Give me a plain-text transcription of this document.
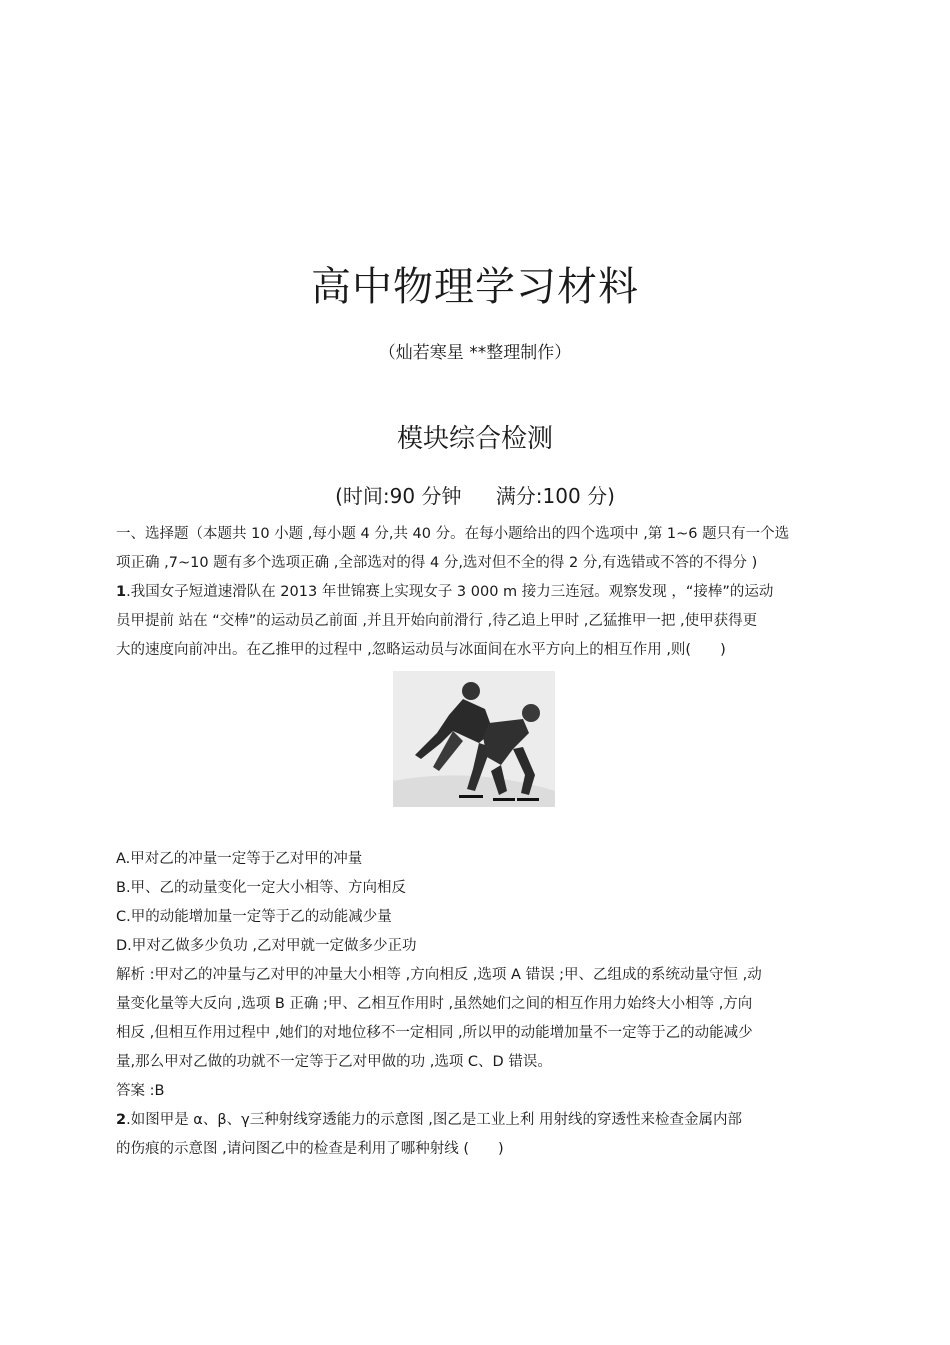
高中物理学习材料
（灿若寒星 **整理制作）
模块综合检测
(时间:90 分钟 满分:100 分)
一、选择题（本题共 10 小题 ,每小题 4 分,共 40 分。在每小题给出的四个选项中 ,第 1~6 题只有一个选
项正确 ,7~10 题有多个选项正确 ,全部选对的得 4 分,选对但不全的得 2 分,有选错或不答的不得分 )
1.我国女子短道速滑队在 2013 年世锦赛上实现女子 3 000 m 接力三连冠。观察发现 ，“接棒”的运动
员甲提前 站在 “交棒”的运动员乙前面 ,并且开始向前滑行 ,待乙追上甲时 ,乙猛推甲一把 ,使甲获得更
大的速度向前冲出。在乙推甲的过程中 ,忽略运动员与冰面间在水平方向上的相互作用 ,则(　　)
A.甲对乙的冲量一定等于乙对甲的冲量
B.甲、乙的动量变化一定大小相等、方向相反
C.甲的动能增加量一定等于乙的动能减少量
D.甲对乙做多少负功 ,乙对甲就一定做多少正功
解析 :甲对乙的冲量与乙对甲的冲量大小相等 ,方向相反 ,选项 A 错误 ;甲、乙组成的系统动量守恒 ,动
量变化量等大反向 ,选项 B 正确 ;甲、乙相互作用时 ,虽然她们之间的相互作用力始终大小相等 ,方向
相反 ,但相互作用过程中 ,她们的对地位移不一定相同 ,所以甲的动能增加量不一定等于乙的动能减少
量,那么甲对乙做的功就不一定等于乙对甲做的功 ,选项 C、D 错误。
答案 :B
2.如图甲是 α、β、γ三种射线穿透能力的示意图 ,图乙是工业上利 用射线的穿透性来检查金属内部
的伤痕的示意图 ,请问图乙中的检查是利用了哪种射线 (　　)
